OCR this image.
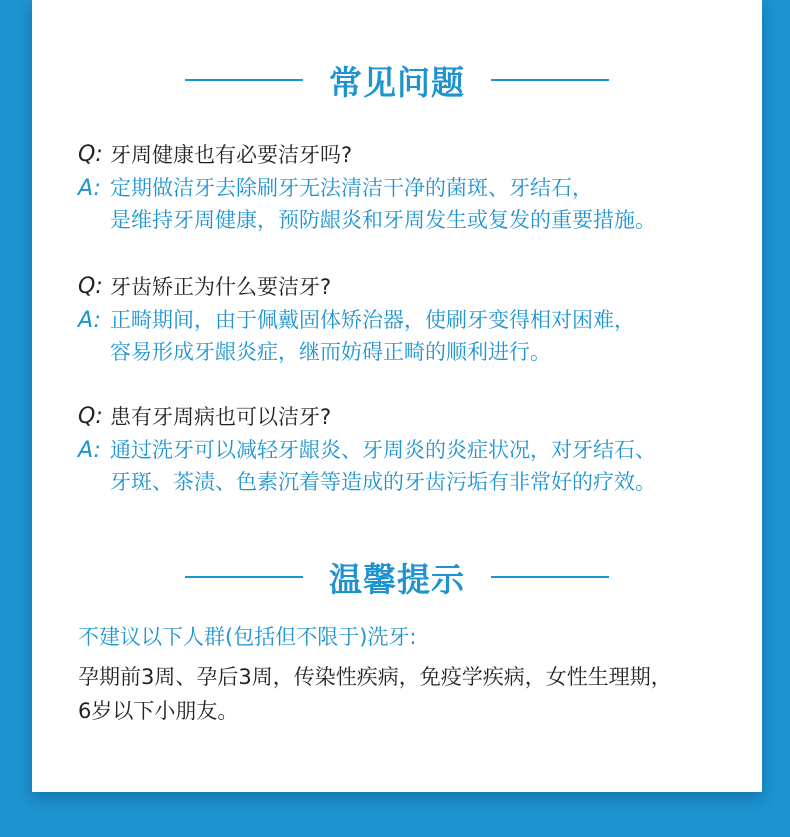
常见问题
Q: 牙周健康也有必要洁牙吗?
A: 定期做洁牙去除刷牙无法清洁干净的菌斑、牙结石，
是维持牙周健康，预防龈炎和牙周发生或复发的重要措施。
Q: 牙齿矫正为什么要洁牙?
A: 正畸期间，由于佩戴固体矫治器，使刷牙变得相对困难，
容易形成牙龈炎症，继而妨碍正畸的顺利进行。
Q: 患有牙周病也可以洁牙?
A: 通过洗牙可以减轻牙龈炎、牙周炎的炎症状况，对牙结石、
牙斑、茶渍、色素沉着等造成的牙齿污垢有非常好的疗效。
温馨提示
不建议以下人群(包括但不限于)洗牙:
孕期前3周、孕后3周，传染性疾病，免疫学疾病，女性生理期，
6岁以下小朋友。
